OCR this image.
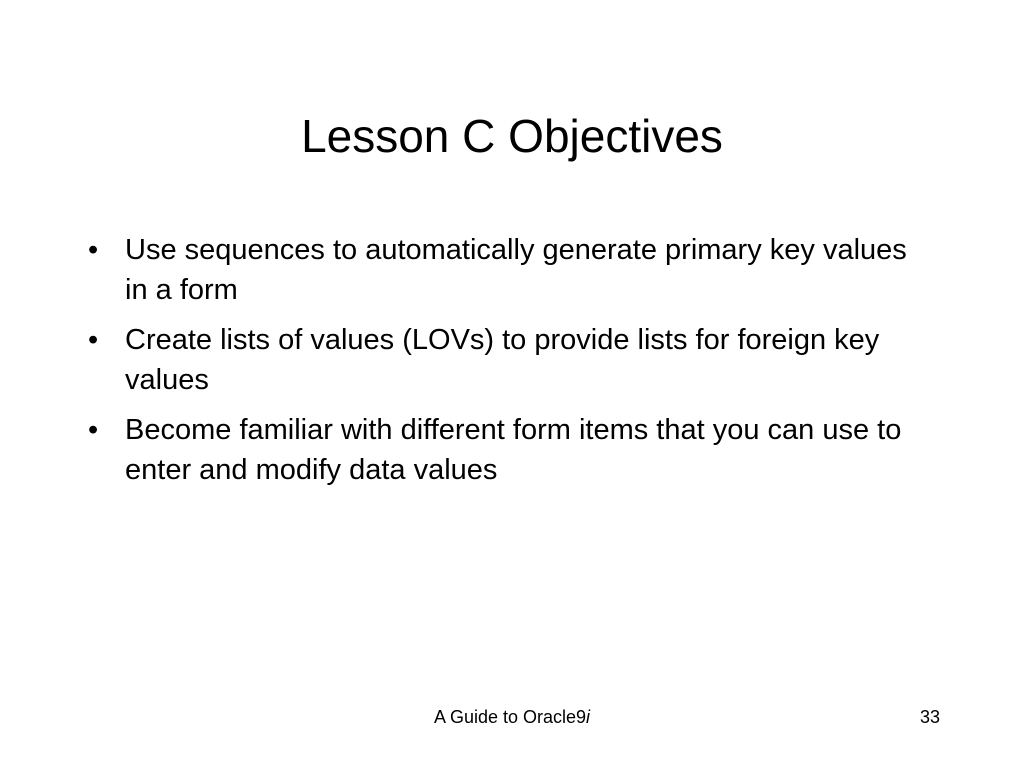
Lesson C Objectives
• Use sequences to automatically generate primary key values in a form
• Create lists of values (LOVs) to provide lists for foreign key values
• Become familiar with different form items that you can use to enter and modify data values
A Guide to Oracle9i	33
